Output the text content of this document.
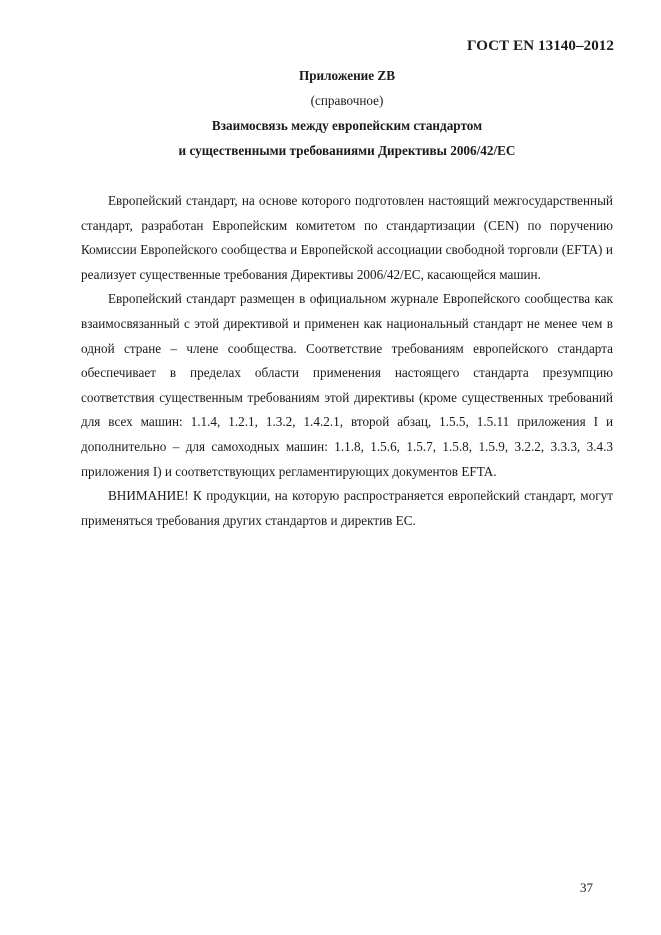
ГОСТ EN 13140–2012
Приложение ZB
(справочное)
Взаимосвязь между европейским стандартом
и существенными требованиями Директивы 2006/42/EC

Европейский стандарт, на основе которого подготовлен настоящий межгосударственный стандарт, разработан Европейским комитетом по стандартизации (CEN) по поручению Комиссии Европейского сообщества и Европейской ассоциации свободной торговли (EFTA) и реализует существенные требования Директивы 2006/42/EC, касающейся машин.

Европейский стандарт размещен в официальном журнале Европейского сообщества как взаимосвязанный с этой директивой и применен как национальный стандарт не менее чем в одной стране – члене сообщества. Соответствие требованиям европейского стандарта обеспечивает в пределах области применения настоящего стандарта презумпцию соответствия существенным требованиям этой директивы (кроме существенных требований для всех машин: 1.1.4, 1.2.1, 1.3.2, 1.4.2.1, второй абзац, 1.5.5, 1.5.11 приложения I и дополнительно – для самоходных машин: 1.1.8, 1.5.6, 1.5.7, 1.5.8, 1.5.9, 3.2.2, 3.3.3, 3.4.3 приложения I) и соответствующих регламентирующих документов EFTA.

ВНИМАНИЕ! К продукции, на которую распространяется европейский стандарт, могут применяться требования других стандартов и директив ЕС.

37
